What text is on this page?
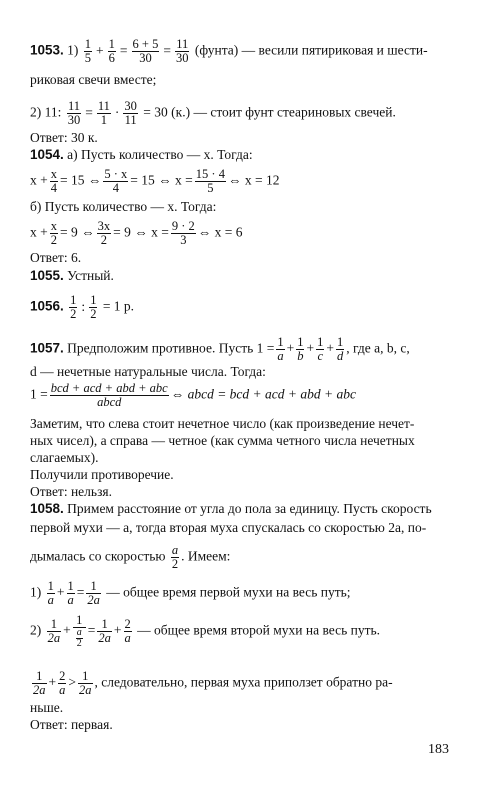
1053. $1) \frac{1}{5} + \frac{1}{6} = \frac{6 + 5}{30} = \frac{11}{30}$ (фунта) — весили пятириковая и шести-
риковая свечи вместе;
2) 11: $\frac{11}{30} = \frac{11}{1} \cdot \frac{30}{11} = 30$ (к.) — стоит фунт стеариновых свечей.
Ответ: 30 к.
1054. а) Пусть количество — x. Тогда:
$x + \frac{x}{4} = 15$ ⇔ $\frac{5 \cdot x}{4} = 15$ ⇔ $x = \frac{15 \cdot 4}{5}$ ⇔ x = 12
б) Пусть количество — x. Тогда:
$x + \frac{x}{2} = 9$ ⇔ $\frac{3x}{2} = 9$ ⇔ $x = \frac{9 \cdot 2}{3}$ ⇔ x = 6
Ответ: 6.
1055. Устный.
1056. $\frac{1}{2}$ : $\frac{1}{2} = 1$ р.
1057. Предположим противное. Пусть $1 = \frac{1}{a} + \frac{1}{b} + \frac{1}{c} + \frac{1}{d}$ , где a, b, c,
d — нечетные натуральные числа. Тогда:
$1 = \frac{\text{bcd + acd + abd + abc}}{\text{abcd}}$ ⇔ abcd = bcd + acd + abd + abc
Заметим, что слева стоит нечетное число (как произведение нечет-
ных чисел), а справа — четное (как сумма четного числа нечетных
слагаемых).
Получили противоречие.
Ответ: нельзя.
1058. Примем расстояние от угла до пола за единицу. Пусть скорость
первой мухи — a, тогда вторая муха спускалась со скоростью 2a, по-
дымалась со скоростью $\frac{a}{2}$ . Имеем:
$1) \frac{1}{a} + \frac{1}{a} = \frac{1}{2a}$ — общее время первой мухи на весь путь;
$2) \frac{1}{2a} + \frac{1}{\frac{a}{2}} = \frac{1}{2a} + \frac{2}{a}$ — общее время второй мухи на весь путь.
$\frac{1}{2a} + \frac{2}{a} > \frac{1}{2a}$ , следовательно, первая муха приползет обратно ра-
ньше.
Ответ: первая.
183
